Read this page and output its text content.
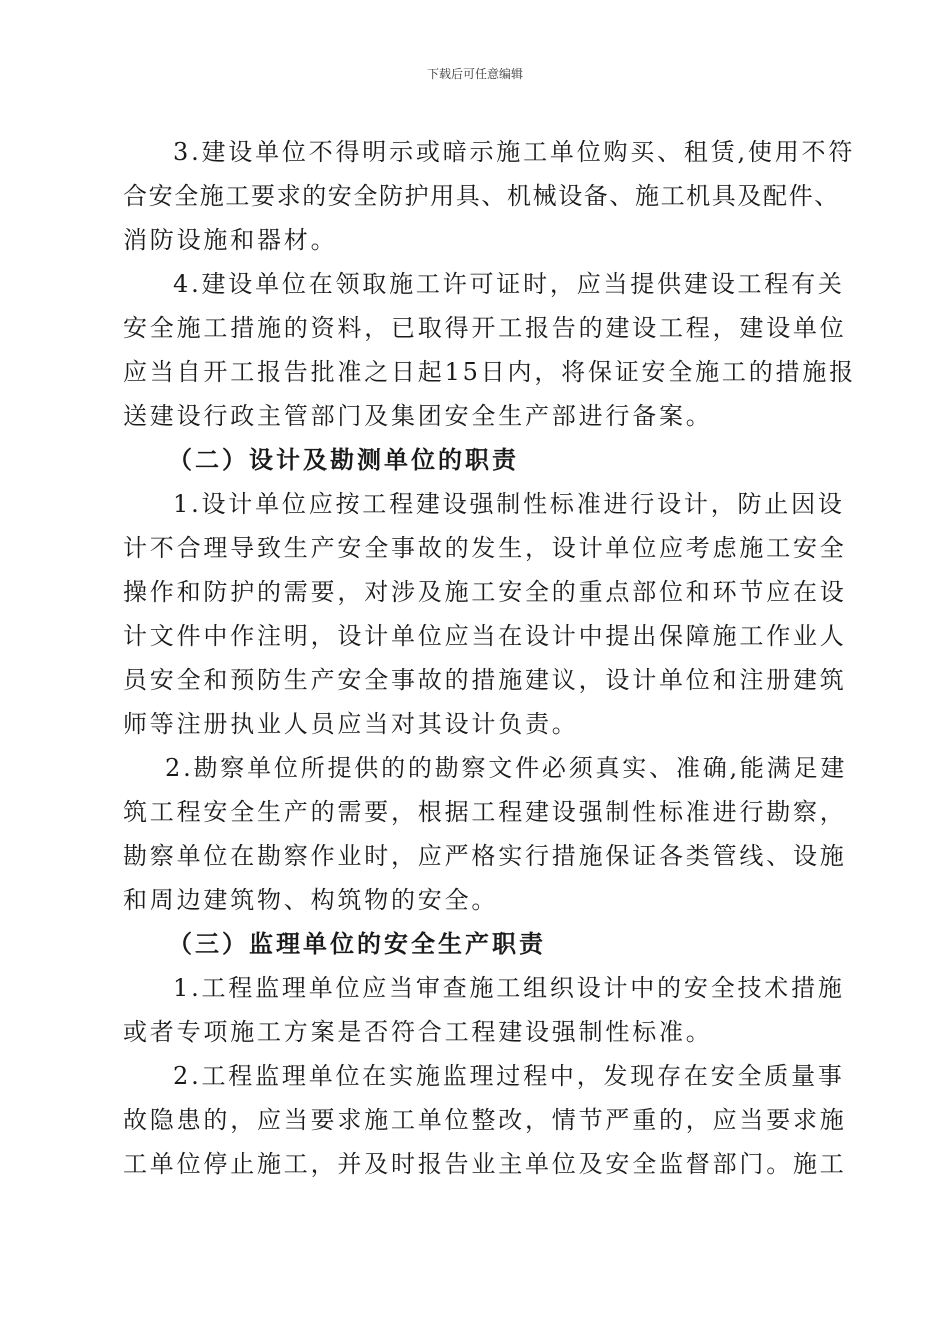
下载后可任意编辑
3.建设单位不得明示或暗示施工单位购买、租赁,使用不符
合安全施工要求的安全防护用具、机械设备、施工机具及配件、
消防设施和器材。
4.建设单位在领取施工许可证时，应当提供建设工程有关
安全施工措施的资料，已取得开工报告的建设工程，建设单位
应当自开工报告批准之日起15日内，将保证安全施工的措施报
送建设行政主管部门及集团安全生产部进行备案。
（二）设计及勘测单位的职责
1.设计单位应按工程建设强制性标准进行设计，防止因设
计不合理导致生产安全事故的发生，设计单位应考虑施工安全
操作和防护的需要，对涉及施工安全的重点部位和环节应在设
计文件中作注明，设计单位应当在设计中提出保障施工作业人
员安全和预防生产安全事故的措施建议，设计单位和注册建筑
师等注册执业人员应当对其设计负责。
2.勘察单位所提供的的勘察文件必须真实、准确,能满足建
筑工程安全生产的需要，根据工程建设强制性标准进行勘察，
勘察单位在勘察作业时，应严格实行措施保证各类管线、设施
和周边建筑物、构筑物的安全。
（三）监理单位的安全生产职责
1.工程监理单位应当审查施工组织设计中的安全技术措施
或者专项施工方案是否符合工程建设强制性标准。
2.工程监理单位在实施监理过程中，发现存在安全质量事
故隐患的，应当要求施工单位整改，情节严重的，应当要求施
工单位停止施工，并及时报告业主单位及安全监督部门。施工
